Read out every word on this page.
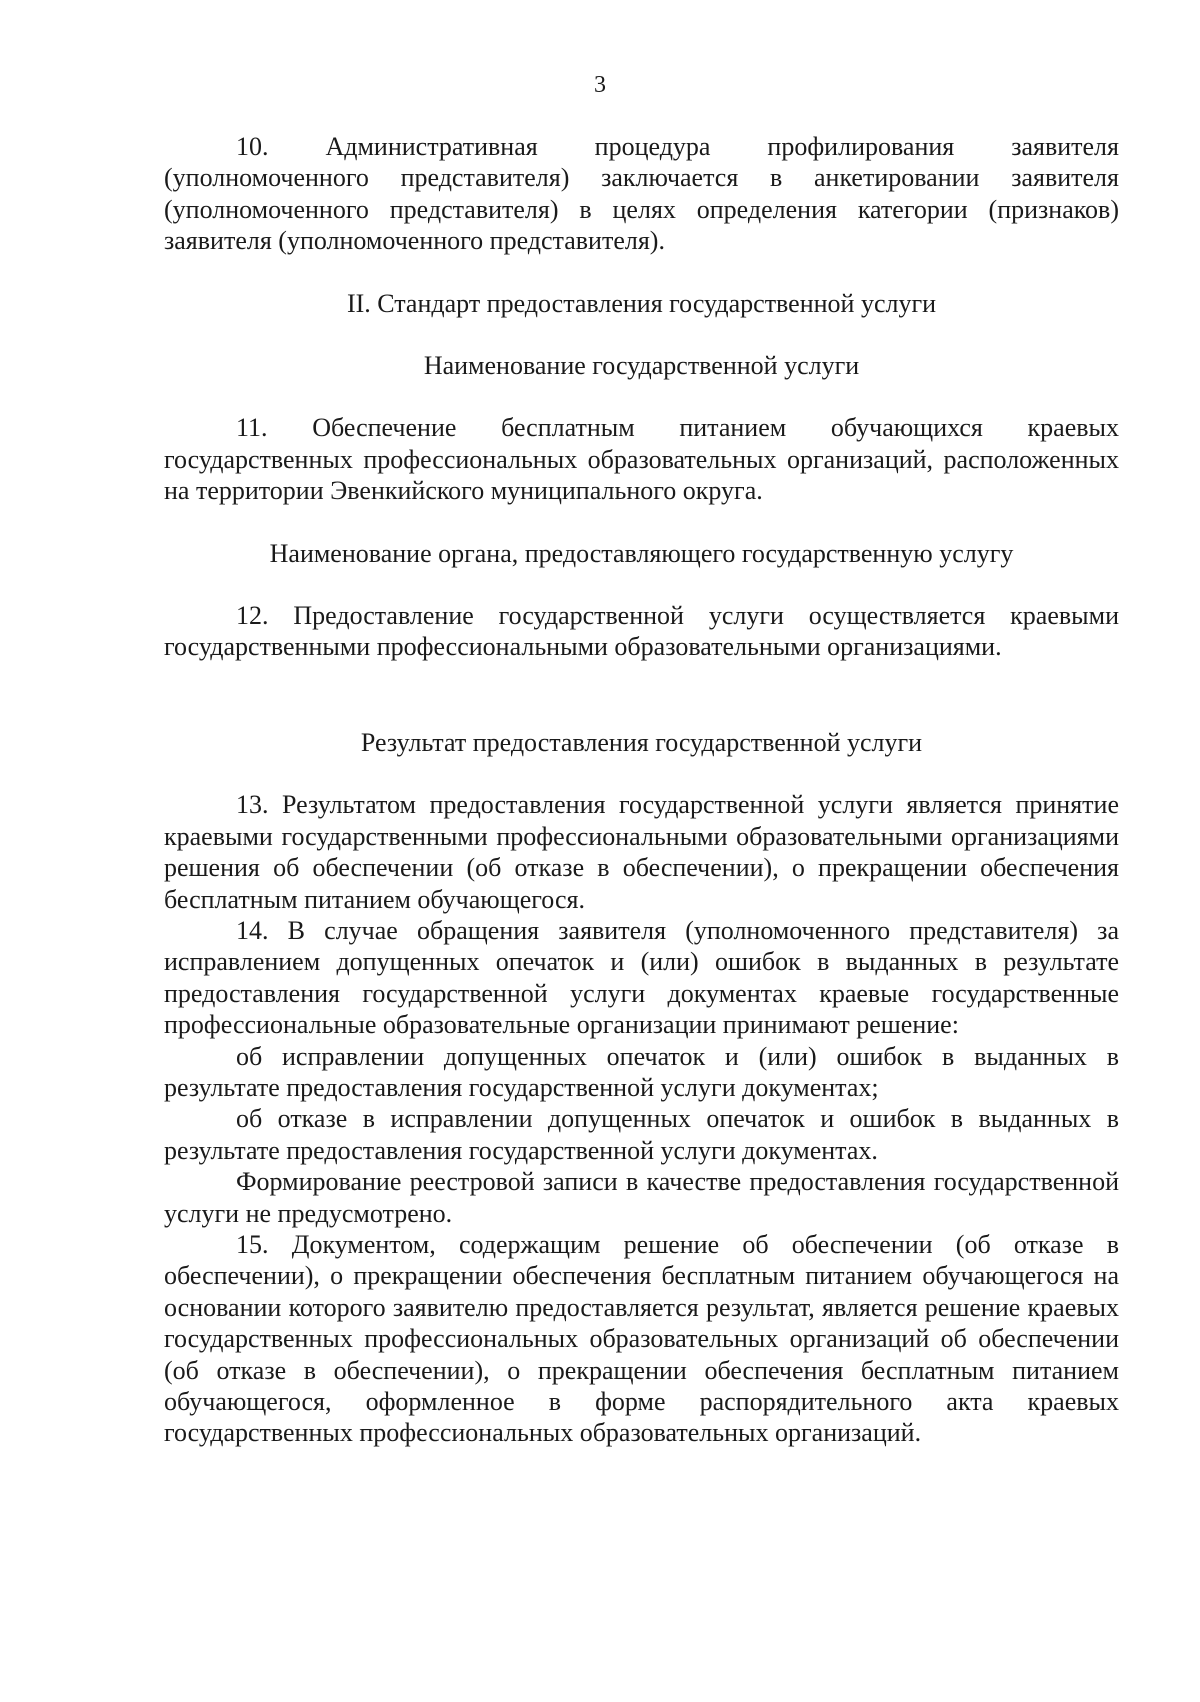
3

10. Административная процедура профилирования заявителя (уполномоченного представителя) заключается в анкетировании заявителя (уполномоченного представителя) в целях определения категории (признаков) заявителя (уполномоченного представителя).

II. Стандарт предоставления государственной услуги
Наименование государственной услуги

11. Обеспечение бесплатным питанием обучающихся краевых государственных профессиональных образовательных организаций, расположенных на территории Эвенкийского муниципального округа.

Наименование органа, предоставляющего государственную услугу

12. Предоставление государственной услуги осуществляется краевыми государственными профессиональными образовательными организациями.

Результат предоставления государственной услуги

13. Результатом предоставления государственной услуги является принятие краевыми государственными профессиональными образовательными организациями решения об обеспечении (об отказе в обеспечении), о прекращении обеспечения бесплатным питанием обучающегося.

14. В случае обращения заявителя (уполномоченного представителя) за исправлением допущенных опечаток и (или) ошибок в выданных в результате предоставления государственной услуги документах краевые государственные профессиональные образовательные организации принимают решение:

об исправлении допущенных опечаток и (или) ошибок в выданных в результате предоставления государственной услуги документах;

об отказе в исправлении допущенных опечаток и ошибок в выданных в результате предоставления государственной услуги документах.

Формирование реестровой записи в качестве предоставления государственной услуги не предусмотрено.

15. Документом, содержащим решение об обеспечении (об отказе в обеспечении), о прекращении обеспечения бесплатным питанием обучающегося на основании которого заявителю предоставляется результат, является решение краевых государственных профессиональных образовательных организаций об обеспечении (об отказе в обеспечении), о прекращении обеспечения бесплатным питанием обучающегося, оформленное в форме распорядительного акта краевых государственных профессиональных образовательных организаций.
